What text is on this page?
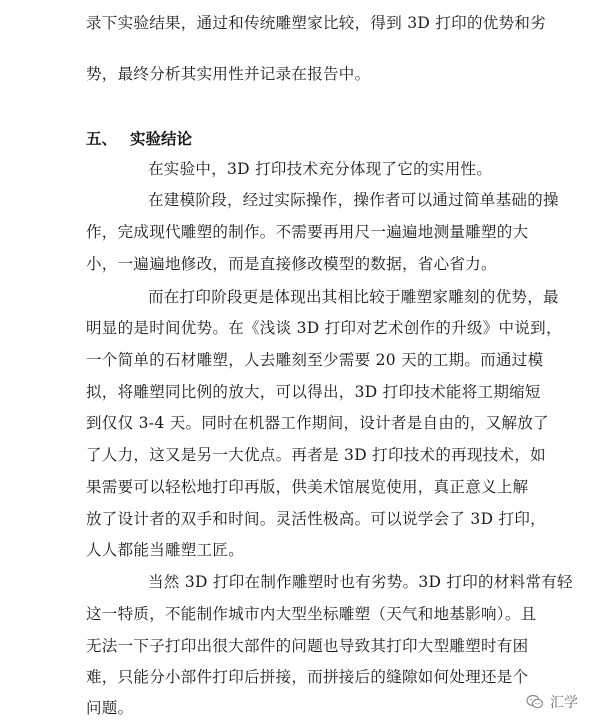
录下实验结果，通过和传统雕塑家比较，得到 3D 打印的优势和劣
势，最终分析其实用性并记录在报告中。
五、 实验结论
在实验中，3D 打印技术充分体现了它的实用性。
在建模阶段，经过实际操作，操作者可以通过简单基础的操
作，完成现代雕塑的制作。不需要再用尺一遍遍地测量雕塑的大
小，一遍遍地修改，而是直接修改模型的数据，省心省力。
而在打印阶段更是体现出其相比较于雕塑家雕刻的优势，最
明显的是时间优势。在《浅谈 3D 打印对艺术创作的升级》中说到，
一个简单的石材雕塑，人去雕刻至少需要 20 天的工期。而通过模
拟，将雕塑同比例的放大，可以得出，3D 打印技术能将工期缩短
到仅仅 3-4 天。同时在机器工作期间，设计者是自由的，又解放了
了人力，这又是另一大优点。再者是 3D 打印技术的再现技术，如
果需要可以轻松地打印再版，供美术馆展览使用，真正意义上解
放了设计者的双手和时间。灵活性极高。可以说学会了 3D 打印，
人人都能当雕塑工匠。
当然 3D 打印在制作雕塑时也有劣势。3D 打印的材料常有轻
这一特质，不能制作城市内大型坐标雕塑（天气和地基影响）。且
无法一下子打印出很大部件的问题也导致其打印大型雕塑时有困
难，只能分小部件打印后拼接，而拼接后的缝隙如何处理还是个
问题。	汇学
